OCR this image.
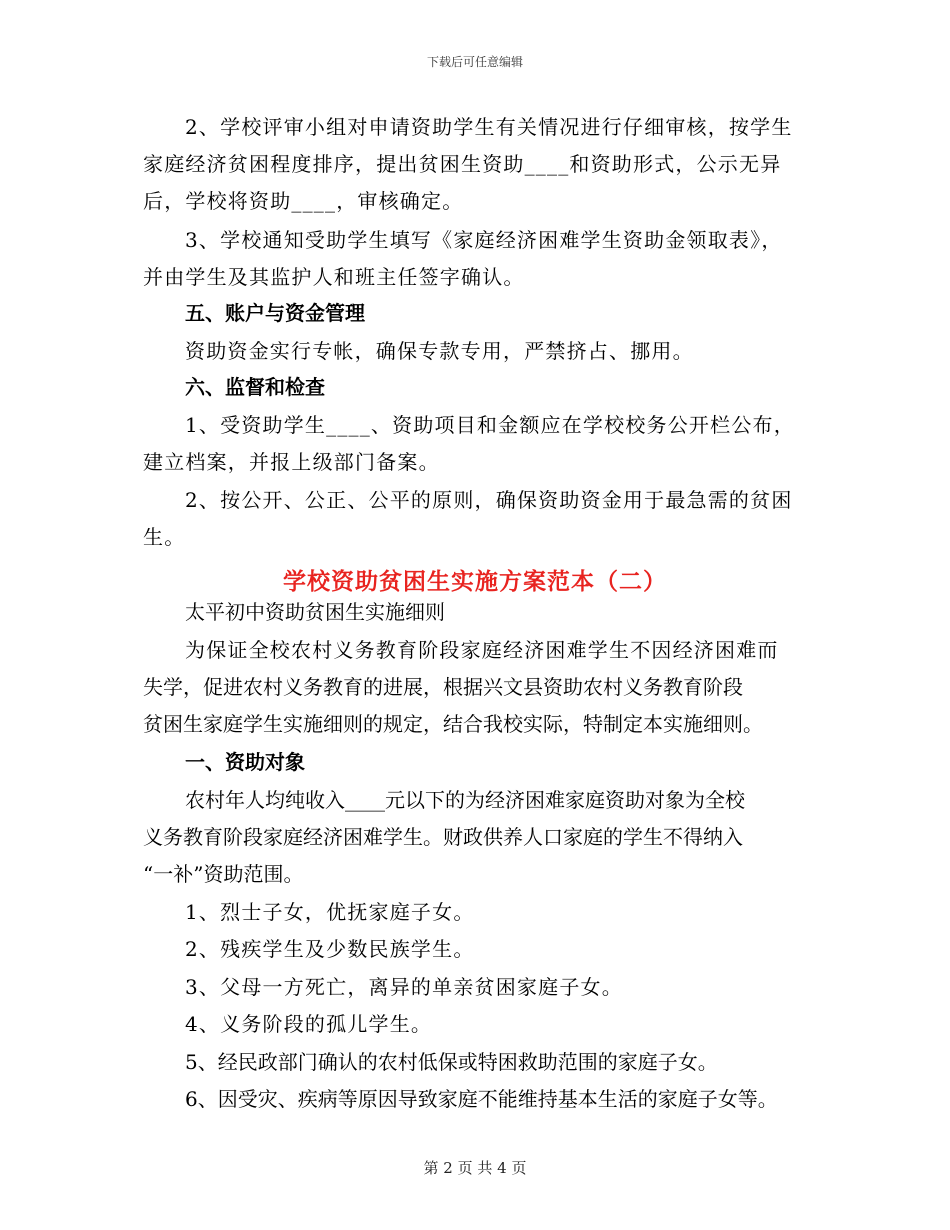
下载后可任意编辑
2、学校评审小组对申请资助学生有关情况进行仔细审核，按学生
家庭经济贫困程度排序，提出贫困生资助____和资助形式，公示无异
后，学校将资助____，审核确定。
3、学校通知受助学生填写《家庭经济困难学生资助金领取表》，
并由学生及其监护人和班主任签字确认。
五、账户与资金管理
资助资金实行专帐，确保专款专用，严禁挤占、挪用。
六、监督和检查
1、受资助学生____、资助项目和金额应在学校校务公开栏公布，
建立档案，并报上级部门备案。
2、按公开、公正、公平的原则，确保资助资金用于最急需的贫困
生。
学校资助贫困生实施方案范本（二）
太平初中资助贫困生实施细则
为保证全校农村义务教育阶段家庭经济困难学生不因经济困难而
失学，促进农村义务教育的进展，根据兴文县资助农村义务教育阶段
贫困生家庭学生实施细则的规定，结合我校实际，特制定本实施细则。
一、资助对象
农村年人均纯收入____元以下的为经济困难家庭资助对象为全校
义务教育阶段家庭经济困难学生。财政供养人口家庭的学生不得纳入
“一补”资助范围。
1、烈士子女，优抚家庭子女。
2、残疾学生及少数民族学生。
3、父母一方死亡，离异的单亲贫困家庭子女。
4、义务阶段的孤儿学生。
5、经民政部门确认的农村低保或特困救助范围的家庭子女。
6、因受灾、疾病等原因导致家庭不能维持基本生活的家庭子女等。
第 2 页 共 4 页
